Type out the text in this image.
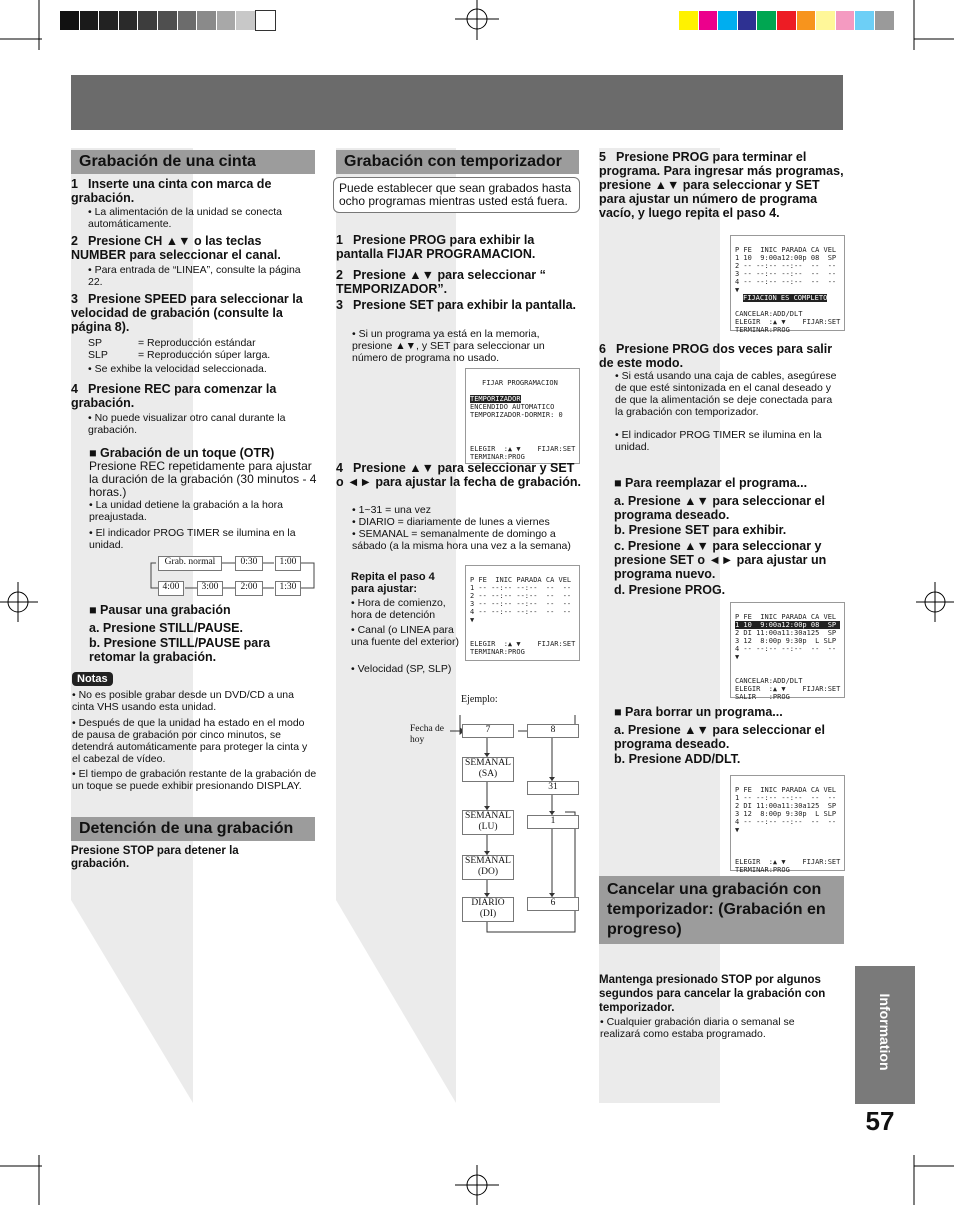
Grabación de una cinta
1 Inserte una cinta con marca de grabación.
• La alimentación de la unidad se conecta automáticamente.
2 Presione CH ▲▼ o las teclas NUMBER para seleccionar el canal.
• Para entrada de “LINEA”, consulte la página 22.
3 Presione SPEED para seleccionar la velocidad de grabación (consulte la página 8).
SP	= Reproducción estándar
SLP	= Reproducción súper larga.
• Se exhibe la velocidad seleccionada.
4 Presione REC para comenzar la grabación.
• No puede visualizar otro canal durante la grabación.
■ Grabación de un toque (OTR)
Presione REC repetidamente para ajustar la duración de la grabación (30 minutos - 4 horas.)
• La unidad detiene la grabación a la hora preajustada.
• El indicador PROG TIMER se ilumina en la unidad.
Grab. normal	0:30	1:00
1:30
2:00
3:00
4:00
■ Pausar una grabación
a. Presione STILL/PAUSE.
b. Presione STILL/PAUSE para retomar la grabación.
Notas
• No es posible grabar desde un DVD/CD a una cinta VHS usando esta unidad.
• Después de que la unidad ha estado en el modo de pausa de grabación por cinco minutos, se detendrá automáticamente para proteger la cinta y el cabezal de vídeo.
• El tiempo de grabación restante de la grabación de un toque se puede exhibir presionando DISPLAY.
Detención de una grabación
Presione STOP para detener la grabación.
Grabación con temporizador
Puede establecer que sean grabados hasta ocho programas mientras usted está fuera.
1 Presione PROG para exhibir la pantalla FIJAR PROGRAMACION.
2 Presione ▲▼ para seleccionar “ TEMPORIZADOR”.
3 Presione SET para exhibir la pantalla.
• Si un programa ya está en la memoria, presione ▲▼, y SET para seleccionar un número de programa no usado.

FIJAR PROGRAMACION
TEMPORIZADOR

ENCENDIDO AUTOMATICO
TEMPORIZADOR-DORMIR: 0
ELEGIR  :▲ ▼    FIJAR:SET
TERMINAR:PROG

4 Presione ▲▼ para seleccionar y SET o ◄► para ajustar la fecha de grabación.
• 1~31 = una vez
• DIARIO = diariamente de lunes a viernes
• SEMANAL = semanalmente de domingo a sábado (a la misma hora una vez a la semana)
Repita el paso 4 para ajustar:
• Hora de comienzo, hora de detención
• Canal (o LINEA para una fuente del exterior)
• Velocidad (SP, SLP)

P FE  INIC PARADA CA VEL
1 -- --:-- --:--  --  --
2 -- --:-- --:--  --  --
3 -- --:-- --:--  --  --
4 -- --:-- --:--  --  --
▼
ELEGIR  :▲ ▼    FIJAR:SET
TERMINAR:PROG

Ejemplo:
Fecha de hoy
7
SEMANAL (SA)
SEMANAL (LU)
SEMANAL (DO)
DIARIO (DI)
8
31
1
6
5 Presione PROG para terminar el programa. Para ingresar más programas, presione ▲▼ para seleccionar y SET para ajustar un número de programa vacío, y luego repita el paso 4.

P FE  INIC PARADA CA VEL
1 10  9:00a12:00p 08  SP
2 -- --:-- --:--  --  --
3 -- --:-- --:--  --  --
4 -- --:-- --:--  --  --
▼
FIJACION ES COMPLETO
CANCELAR:ADD/DLT
ELEGIR  :▲ ▼    FIJAR:SET
TERMINAR:PROG

6 Presione PROG dos veces para salir de este modo.
• Si está usando una caja de cables, asegúrese de que esté sintonizada en el canal deseado y de que la alimentación se deje conectada para la grabación con temporizador.
• El indicador PROG TIMER se ilumina en la unidad.
■ Para reemplazar el programa...
a. Presione ▲▼ para seleccionar el programa deseado.
b. Presione SET para exhibir.
c. Presione ▲▼ para seleccionar y presione SET o ◄► para ajustar un programa nuevo.
d. Presione PROG.

P FE  INIC PARADA CA VEL
1 10  9:00a12:00p 08  SP
2 DI 11:00a11:30a125  SP
3 12  8:00p 9:30p  L SLP
4 -- --:-- --:--  --  --
▼
CANCELAR:ADD/DLT
ELEGIR  :▲ ▼    FIJAR:SET
SALIR   :PROG

■ Para borrar un programa...
a. Presione ▲▼ para seleccionar el programa deseado.
b. Presione ADD/DLT.

P FE  INIC PARADA CA VEL
1 -- --:-- --:--  --  --
2 DI 11:00a11:30a125  SP
3 12  8:00p 9:30p  L SLP
4 -- --:-- --:--  --  --
▼
ELEGIR  :▲ ▼    FIJAR:SET
TERMINAR:PROG

Cancelar una grabación con temporizador: (Grabación en progreso)
Mantenga presionado STOP por algunos segundos para cancelar la grabación con temporizador.
• Cualquier grabación diaria o semanal se realizará como estaba programado.	Information
57
